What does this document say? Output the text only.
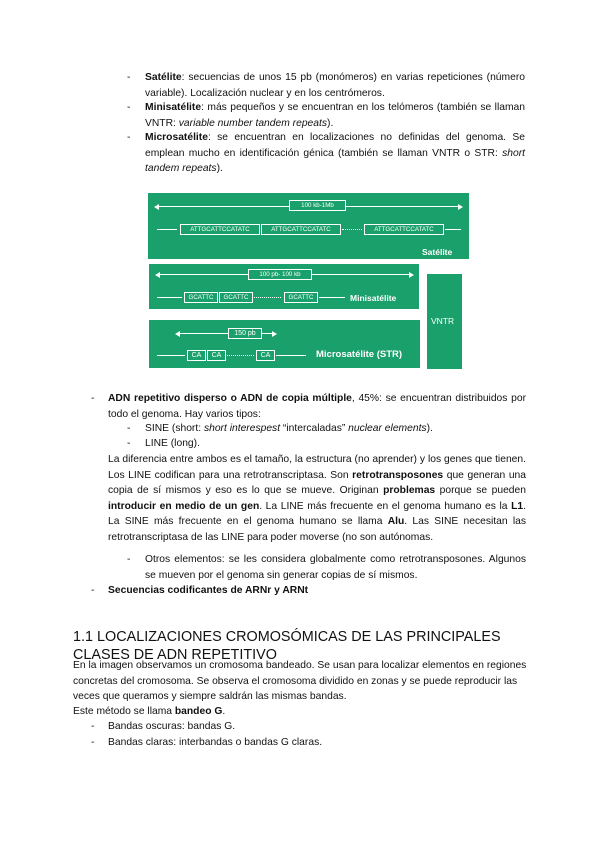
- Satélite: secuencias de unos 15 pb (monómeros) en varias repeticiones (número variable). Localización nuclear y en los centrómeros.
- Minisatélite: más pequeños y se encuentran en los telómeros (también se llaman VNTR: variable number tandem repeats).
- Microsatélite: se encuentran en localizaciones no definidas del genoma. Se emplean mucho en identificación génica (también se llaman VNTR o STR: short tandem repeats).
100 kb-1Mb
ATTGCATTCCATATC	ATTGCATTCCATATC	ATTGCATTCCATATC
Satélite
100 pb- 100 kb
GCATTC	GCATTC	GCATTC	Minisatélite
VNTR
150 pb
CA	CA	CA	Microsatélite (STR)
- ADN repetitivo disperso o ADN de copia múltiple, 45%: se encuentran distribuidos por todo el genoma. Hay varios tipos:
- SINE (short: short interespest “intercaladas” nuclear elements).
- LINE (long).
La diferencia entre ambos es el tamaño, la estructura (no aprender) y los genes que tienen. Los LINE codifican para una retrotranscriptasa. Son retrotransposones que generan una copia de sí mismos y eso es lo que se mueve. Originan problemas porque se pueden introducir en medio de un gen. La LINE más frecuente en el genoma humano es la L1. La SINE más frecuente en el genoma humano se llama Alu. Las SINE necesitan las retrotranscriptasa de las LINE para poder moverse (no son autónomas.
- Otros elementos: se les considera globalmente como retrotransposones. Algunos se mueven por el genoma sin generar copias de sí mismos.
- Secuencias codificantes de ARNr y ARNt
1.1 LOCALIZACIONES CROMOSÓMICAS DE LAS PRINCIPALES CLASES DE ADN REPETITIVO
En la imagen observamos un cromosoma bandeado. Se usan para localizar elementos en regiones concretas del cromosoma. Se observa el cromosoma dividido en zonas y se puede reproducir las veces que queramos y siempre saldrán las mismas bandas.
Este método se llama bandeo G.
- Bandas oscuras: bandas G.
- Bandas claras: interbandas o bandas G claras.
